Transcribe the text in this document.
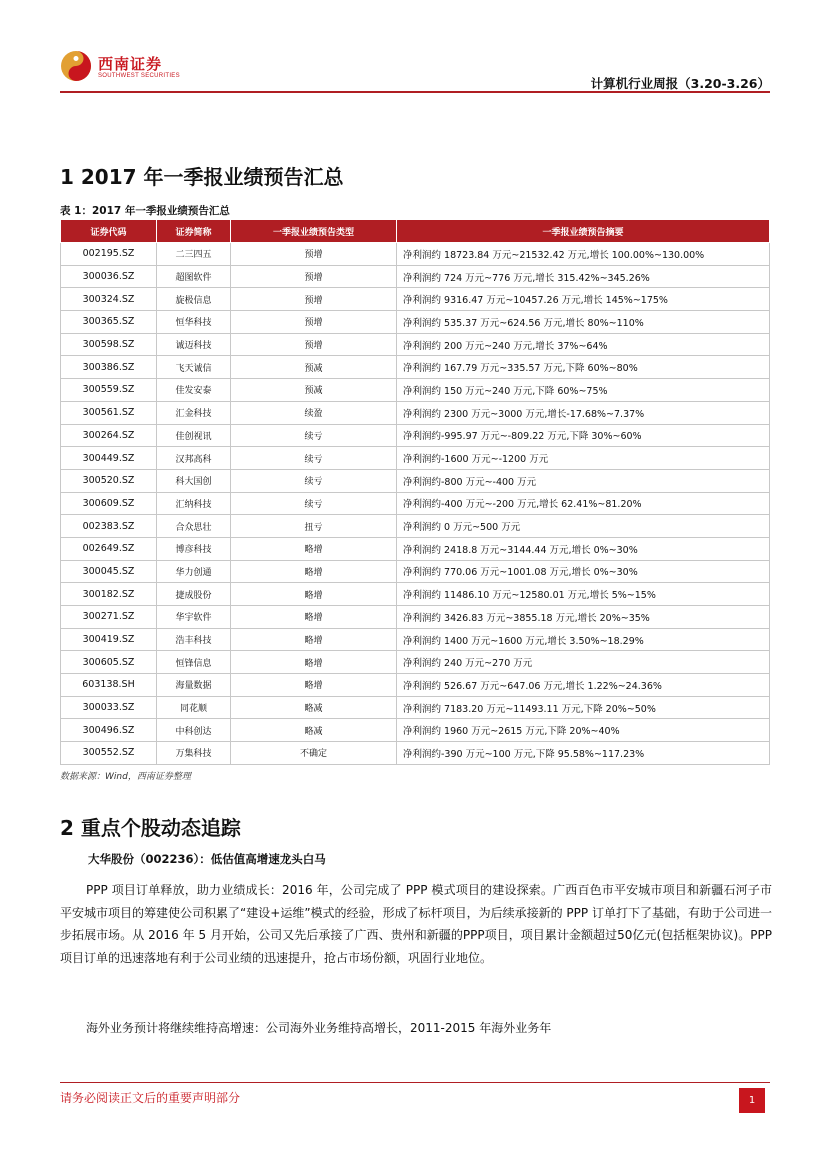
西南证券
SOUTHWEST SECURITIES	计算机行业周报（3.20-3.26）
1 2017 年一季报业绩预告汇总
表 1：2017 年一季报业绩预告汇总
证券代码	证券简称	一季报业绩预告类型	一季报业绩预告摘要
002195.SZ	二三四五	预增	净利润约 18723.84 万元~21532.42 万元,增长 100.00%~130.00%
300036.SZ	超图软件	预增	净利润约 724 万元~776 万元,增长 315.42%~345.26%
300324.SZ	旋极信息	预增	净利润约 9316.47 万元~10457.26 万元,增长 145%~175%
300365.SZ	恒华科技	预增	净利润约 535.37 万元~624.56 万元,增长 80%~110%
300598.SZ	诚迈科技	预增	净利润约 200 万元~240 万元,增长 37%~64%
300386.SZ	飞天诚信	预减	净利润约 167.79 万元~335.57 万元,下降 60%~80%
300559.SZ	佳发安泰	预减	净利润约 150 万元~240 万元,下降 60%~75%
300561.SZ	汇金科技	续盈	净利润约 2300 万元~3000 万元,增长-17.68%~7.37%
300264.SZ	佳创视讯	续亏	净利润约-995.97 万元~-809.22 万元,下降 30%~60%
300449.SZ	汉邦高科	续亏	净利润约-1600 万元~-1200 万元
300520.SZ	科大国创	续亏	净利润约-800 万元~-400 万元
300609.SZ	汇纳科技	续亏	净利润约-400 万元~-200 万元,增长 62.41%~81.20%
002383.SZ	合众思壮	扭亏	净利润约 0 万元~500 万元
002649.SZ	博彦科技	略增	净利润约 2418.8 万元~3144.44 万元,增长 0%~30%
300045.SZ	华力创通	略增	净利润约 770.06 万元~1001.08 万元,增长 0%~30%
300182.SZ	捷成股份	略增	净利润约 11486.10 万元~12580.01 万元,增长 5%~15%
300271.SZ	华宇软件	略增	净利润约 3426.83 万元~3855.18 万元,增长 20%~35%
300419.SZ	浩丰科技	略增	净利润约 1400 万元~1600 万元,增长 3.50%~18.29%
300605.SZ	恒锋信息	略增	净利润约 240 万元~270 万元
603138.SH	海量数据	略增	净利润约 526.67 万元~647.06 万元,增长 1.22%~24.36%
300033.SZ	同花顺	略减	净利润约 7183.20 万元~11493.11 万元,下降 20%~50%
300496.SZ	中科创达	略减	净利润约 1960 万元~2615 万元,下降 20%~40%
300552.SZ	万集科技	不确定	净利润约-390 万元~100 万元,下降 95.58%~117.23%
数据来源：Wind，西南证券整理
2 重点个股动态追踪
大华股份（002236）：低估值高增速龙头白马
PPP 项目订单释放，助力业绩成长：2016 年，公司完成了 PPP 模式项目的建设探索。广西百色市平安城市项目和新疆石河子市平安城市项目的筹建使公司积累了“建设+运维”模式的经验，形成了标杆项目，为后续承接新的 PPP 订单打下了基础，有助于公司进一步拓展市场。从 2016 年 5 月开始，公司又先后承接了广西、贵州和新疆的PPP项目，项目累计金额超过50亿元(包括框架协议)。PPP项目订单的迅速落地有利于公司业绩的迅速提升，抢占市场份额，巩固行业地位。
海外业务预计将继续维持高增速：公司海外业务维持高增长，2011-2015 年海外业务年
请务必阅读正文后的重要声明部分	1
